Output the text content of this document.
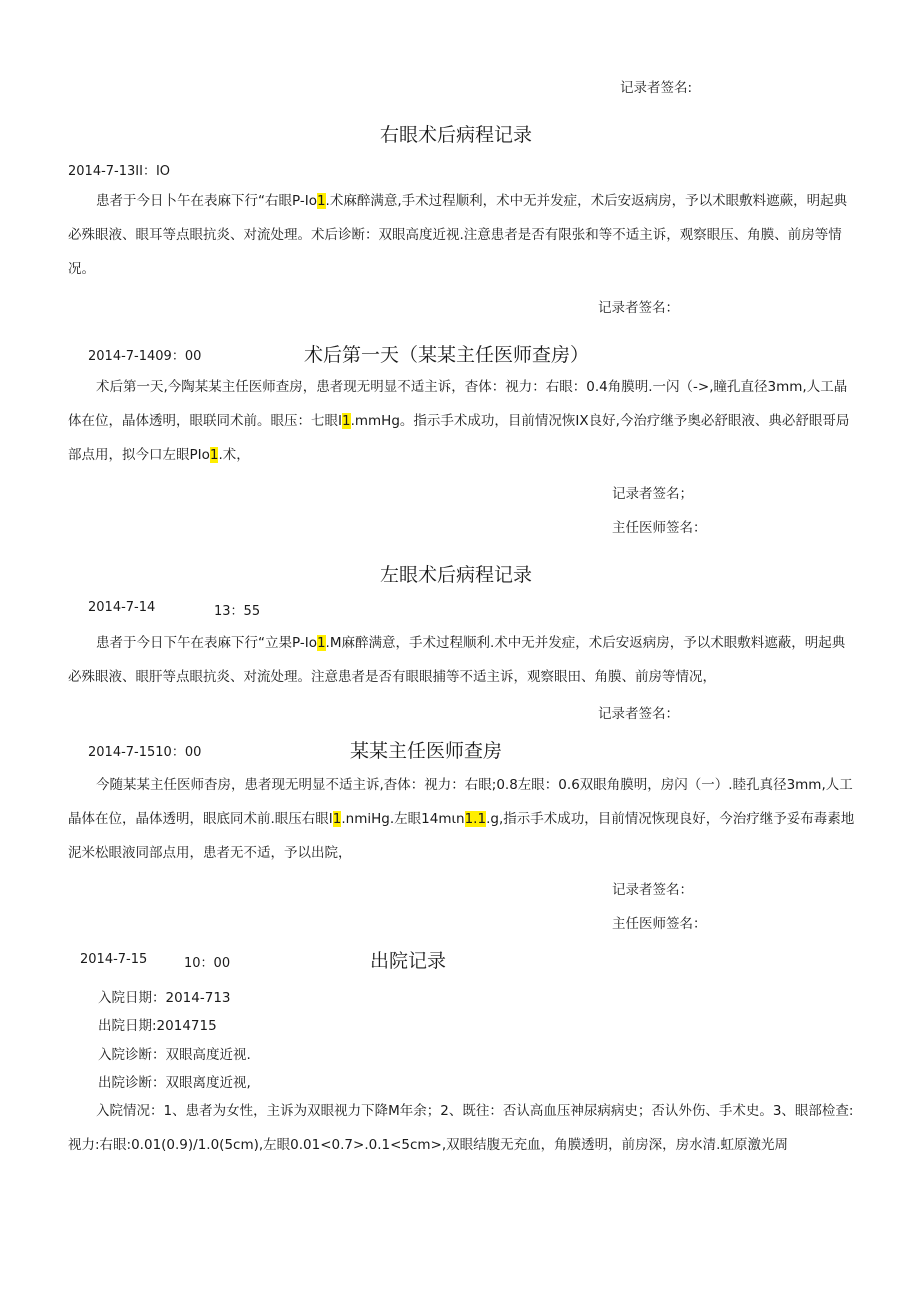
记录者签名:
右眼术后病程记录
2014-7-13II：IO

患者于今日卜午在表麻下行“右眼P-Io1.术麻醉满意,手术过程顺利，术中无并发症，术后安返病房，予以术眼敷料遮蕨，明起典必殊眼液、眼耳等点眼抗炎、对流处理。术后诊断：双眼高度近视.注意患者是否有限张和等不适主诉，观察眼压、角膜、前房等情况。

记录者签名：
2014-7-1409：00	术后第一天（某某主任医师查房）

术后第一天,今陶某某主任医师查房，患者现无明显不适主诉，杳体：视力：右眼：0.4角膜明.一闪（->,瞳孔直径3mm,人工晶体在位，晶体透明，眼联同术前。眼压：七眼I1.mmHg。指示手术成功，目前情况恢IX良好,今治疗继予奥必舒眼液、典必舒眼哥局部点用，拟今口左眼PIo1.术，

记录者签名；
主任医师签名：
左眼术后病程记录
2014-7-14	13：55

患者于今日下午在表麻下行“立果P-Io1.M麻醉满意，手术过程顺利.术中无并发症，术后安返病房，予以术眼敷料遮蔽，明起典必殊眼液、眼肝等点眼抗炎、对流处理。注意患者是否有眼眼捕等不适主诉，观察眼田、角膜、前房等情况，

记录者签名：
2014-7-1510：00	某某主任医师查房

今随某某主任医师杳房，患者现无明显不适主诉,杳体：视力：右眼;0.8左眼：0.6双眼角膜明，房闪（一）.睦孔真径3mm,人工晶体在位，晶体透明，眼底同术前.眼压右眼I1.nmiHg.左眼14mιn1.1.g,指示手术成功，目前情况恢现良好，今治疗继予妥布毒素地泥米松眼液同部点用，患者无不适，予以出院，

记录者签名：
主任医师签名：
2014-7-15	10：00	出院记录
入院日期：2014-713
出院日期:2014715
入院诊断：双眼高度近视.
出院诊断：双眼离度近视,

入院情况：1、患者为女性，主诉为双眼视力下降M年余；2、既往：否认高血压神尿病病史；否认外伤、手术史。3、眼部检查: 视力:右眼:0.01(0.9)/1.0(5cm),左眼0.01<0.7>.0.1<5cm>,双眼结腹无充血，角膜透明，前房深，房水清.虹原激光周
